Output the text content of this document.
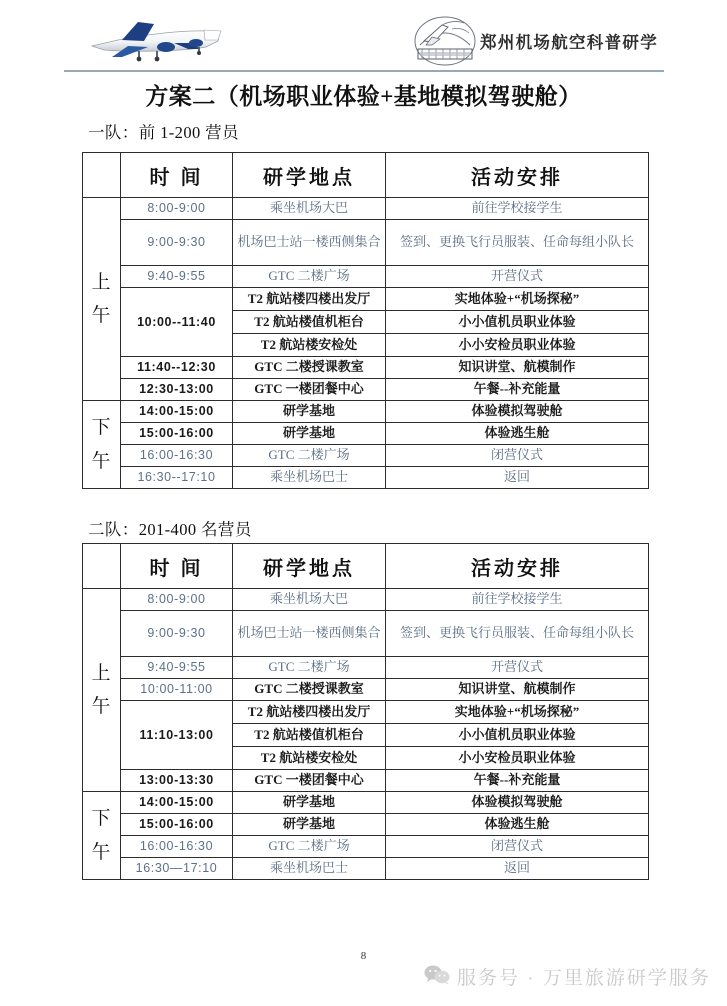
郑州机场航空科普研学
方案二（机场职业体验+基地模拟驾驶舱）
一队：前 1-200 营员
	时 间	研学地点	活动安排

上
午	8:00-9:00	乘坐机场大巴	前往学校接学生
	9:00-9:30	机场巴士站一楼西侧集合	签到、更换飞行员服装、任命每组小队长
	9:40-9:55	GTC 二楼广场	开营仪式
	10:00--11:40	T2 航站楼四楼出发厅	实地体验+“机场探秘”
		T2 航站楼值机柜台	小小值机员职业体验
		T2 航站楼安检处	小小安检员职业体验
	11:40--12:30	GTC 二楼授课教室	知识讲堂、航模制作
	12:30-13:00	GTC 一楼团餐中心	午餐--补充能量

下
午	14:00-15:00	研学基地	体验模拟驾驶舱
	15:00-16:00	研学基地	体验逃生舱
	16:00-16:30	GTC 二楼广场	闭营仪式
	16:30--17:10	乘坐机场巴士	返回
二队：201-400 名营员
	时 间	研学地点	活动安排

上
午	8:00-9:00	乘坐机场大巴	前往学校接学生
	9:00-9:30	机场巴士站一楼西侧集合	签到、更换飞行员服装、任命每组小队长
	9:40-9:55	GTC 二楼广场	开营仪式
	10:00-11:00	GTC 二楼授课教室	知识讲堂、航模制作
	11:10-13:00	T2 航站楼四楼出发厅	实地体验+“机场探秘”
		T2 航站楼值机柜台	小小值机员职业体验
		T2 航站楼安检处	小小安检员职业体验
	13:00-13:30	GTC 一楼团餐中心	午餐--补充能量

下
午	14:00-15:00	研学基地	体验模拟驾驶舱
	15:00-16:00	研学基地	体验逃生舱
	16:00-16:30	GTC 二楼广场	闭营仪式
	16:30—17:10	乘坐机场巴士	返回
8
服务号 · 万里旅游研学服务
